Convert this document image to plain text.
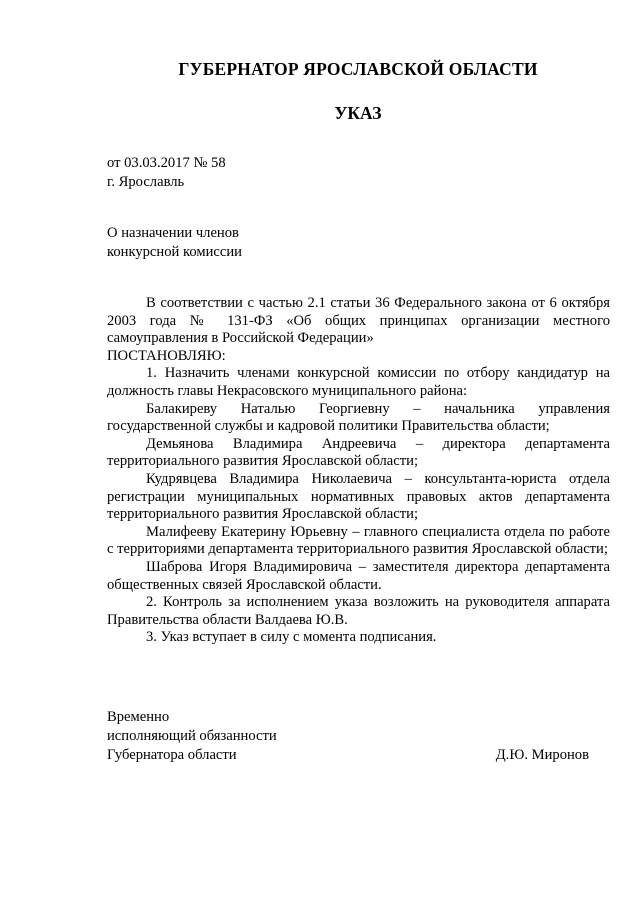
ГУБЕРНАТОР ЯРОСЛАВСКОЙ ОБЛАСТИ
УКАЗ
от 03.03.2017 № 58
г. Ярославль
О назначении членов
конкурсной комиссии

В соответствии с частью 2.1 статьи 36 Федерального закона от 6 октября 2003 года № 131-ФЗ «Об общих принципах организации местного самоуправления в Российской Федерации»

ПОСТАНОВЛЯЮ:

1. Назначить членами конкурсной комиссии по отбору кандидатур на должность главы Некрасовского муниципального района:

Балакиреву Наталью Георгиевну – начальника управления государственной службы и кадровой политики Правительства области;

Демьянова Владимира Андреевича – директора департамента территориального развития Ярославской области;

Кудрявцева Владимира Николаевича – консультанта-юриста отдела регистрации муниципальных нормативных правовых актов департамента территориального развития Ярославской области;

Малифееву Екатерину Юрьевну – главного специалиста отдела по работе с территориями департамента территориального развития Ярославской области;

Шаброва Игоря Владимировича – заместителя директора департамента общественных связей Ярославской области.

2. Контроль за исполнением указа возложить на руководителя аппарата Правительства области Валдаева Ю.В.

3. Указ вступает в силу с момента подписания.

Временно
исполняющий обязанности
Губернатора области	Д.Ю. Миронов
